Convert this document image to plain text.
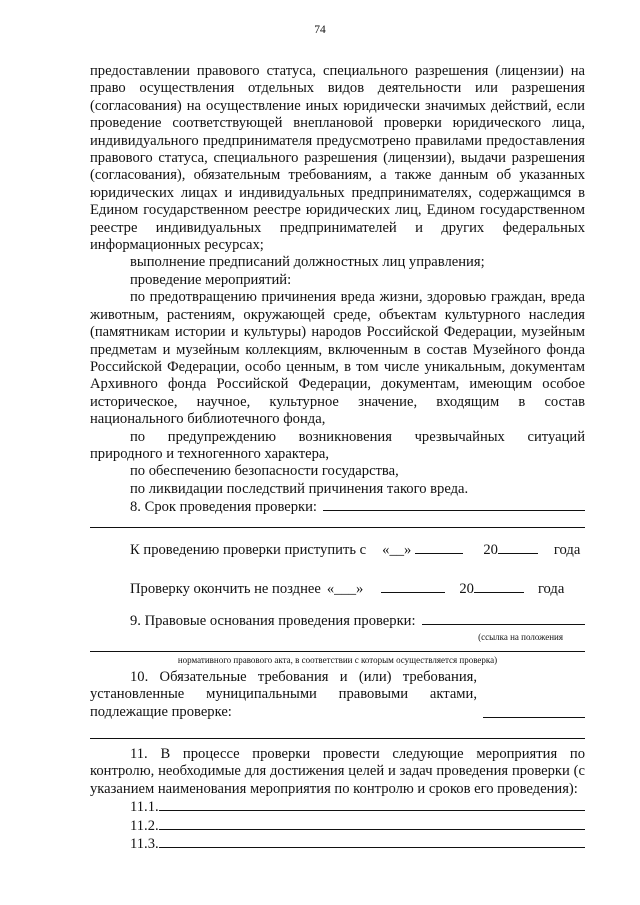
74

предоставлении правового статуса, специального разрешения (лицензии) на право осуществления отдельных видов деятельности или разрешения (согласования) на осуществление иных юридически значимых действий, если проведение соответствующей внеплановой проверки юридического лица, индивидуального предпринимателя предусмотрено правилами предоставления правового статуса, специального разрешения (лицензии), выдачи разрешения (согласования), обязательным требованиям, а также данным об указанных юридических лицах и индивидуальных предпринимателях, содержащимся в Едином государственном реестре юридических лиц, Едином государственном реестре индивидуальных предпринимателей и других федеральных информационных ресурсах;

выполнение предписаний должностных лиц управления;

проведение мероприятий:

по предотвращению причинения вреда жизни, здоровью граждан, вреда животным, растениям, окружающей среде, объектам культурного наследия (памятникам истории и культуры) народов Российской Федерации, музейным предметам и музейным коллекциям, включенным в состав Музейного фонда Российской Федерации, особо ценным, в том числе уникальным, документам Архивного фонда Российской Федерации, документам, имеющим особое историческое, научное, культурное значение, входящим в состав национального библиотечного фонда,

по предупреждению возникновения чрезвычайных ситуаций природного и техногенного характера,

по обеспечению безопасности государства,

по ликвидации последствий причинения такого вреда.

8. Срок проведения проверки:
К проведению проверки приступить с «__»	20	года
Проверку окончить не позднее «___»	20	года
9. Правовые основания проведения проверки:
(ссылка на положения
нормативного правового акта, в соответствии с которым осуществляется проверка)

10. Обязательные требования и (или) требования, установленные муниципальными правовыми актами, подлежащие проверке:

11. В процессе проверки провести следующие мероприятия по контролю, необходимые для достижения целей и задач проведения проверки (с указанием наименования мероприятия по контролю и сроков его проведения):

11.1.
11.2.
11.3.
